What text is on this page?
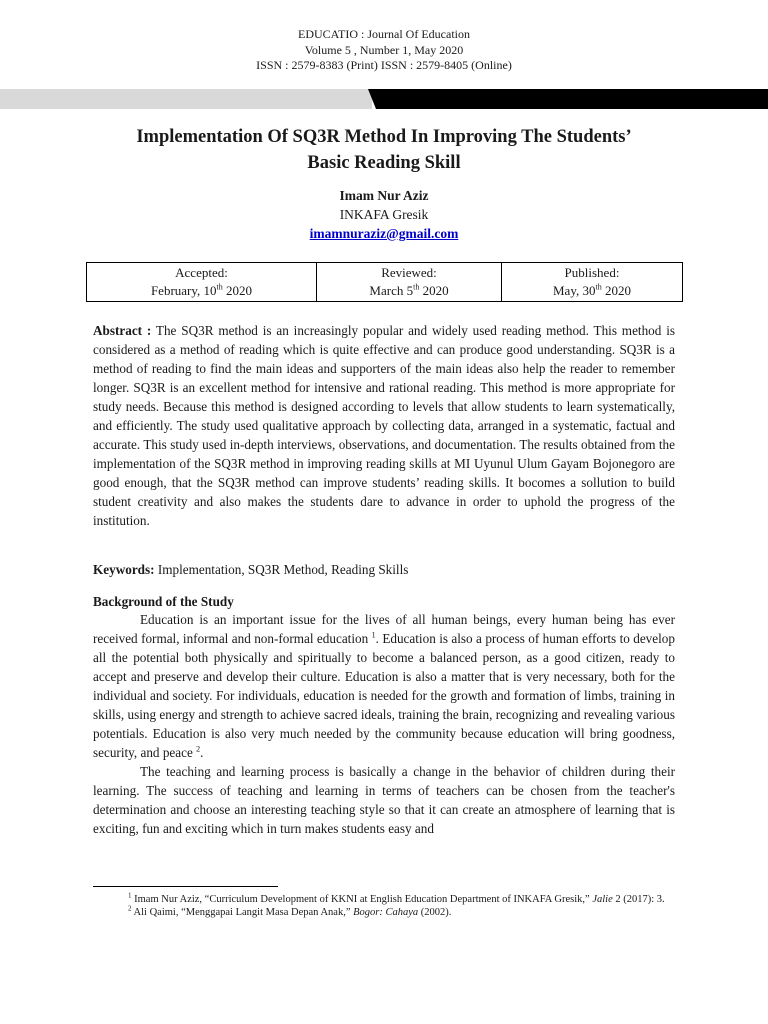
EDUCATIO : Journal Of Education
Volume 5 , Number 1, May 2020
ISSN : 2579-8383 (Print) ISSN : 2579-8405 (Online)
Implementation Of SQ3R Method In Improving The Students’
Basic Reading Skill
Imam Nur Aziz
INKAFA Gresik
imamnuraziz@gmail.com
Accepted:
February, 10th 2020

Reviewed:
March 5th 2020

Published:
May, 30th 2020
Abstract : The SQ3R method is an increasingly popular and widely used reading method. This method is considered as a method of reading which is quite effective and can produce good understanding. SQ3R is a method of reading to find the main ideas and supporters of the main ideas also help the reader to remember longer. SQ3R is an excellent method for intensive and rational reading. This method is more appropriate for study needs. Because this method is designed according to levels that allow students to learn systematically, and efficiently. The study used qualitative approach by collecting data, arranged in a systematic, factual and accurate. This study used in-depth interviews, observations, and documentation. The results obtained from the implementation of the SQ3R method in improving reading skills at MI Uyunul Ulum Gayam Bojonegoro are good enough, that the SQ3R method can improve students’ reading skills. It bocomes a sollution to build student creativity and also makes the students dare to advance in order to uphold the progress of the institution.
Keywords: Implementation, SQ3R Method, Reading Skills
Background of the Study

Education is an important issue for the lives of all human beings, every human being has ever received formal, informal and non-formal education $^1$. Education is also a process of human efforts to develop all the potential both physically and spiritually to become a balanced person, as a good citizen, ready to accept and preserve and develop their culture. Education is also a matter that is very necessary, both for the individual and society. For individuals, education is needed for the growth and formation of limbs, training in skills, using energy and strength to achieve sacred ideals, training the brain, recognizing and revealing various potentials. Education is also very much needed by the community because education will bring goodness, security, and peace $^2$.

The teaching and learning process is basically a change in the behavior of children during their learning. The success of teaching and learning in terms of teachers can be chosen from the teacher's determination and choose an interesting teaching style so that it can create an atmosphere of learning that is exciting, fun and exciting which in turn makes students easy and

$^1$ Imam Nur Aziz, “Curriculum Development of KKNI at English Education Department of INKAFA Gresik,” Jalie 2 (2017): 3.

$^2$ Ali Qaimi, “Menggapai Langit Masa Depan Anak,” Bogor: Cahaya (2002).
